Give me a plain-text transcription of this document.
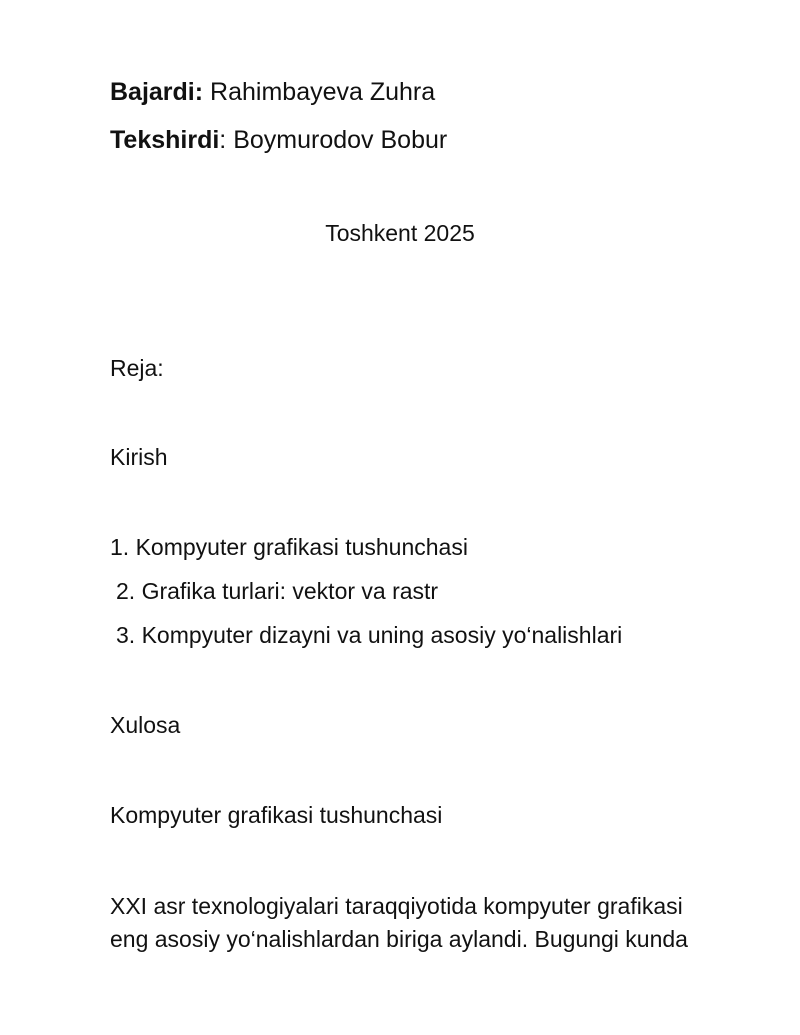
Bajardi: Rahimbayeva Zuhra
Tekshirdi: Boymurodov Bobur
Toshkent 2025
Reja:
Kirish
1. Kompyuter grafikasi tushunchasi
2. Grafika turlari: vektor va rastr
3. Kompyuter dizayni va uning asosiy yo‘nalishlari
Xulosa
Kompyuter grafikasi tushunchasi
XXI asr texnologiyalari taraqqiyotida kompyuter grafikasi
eng asosiy yo‘nalishlardan biriga aylandi. Bugungi kunda
